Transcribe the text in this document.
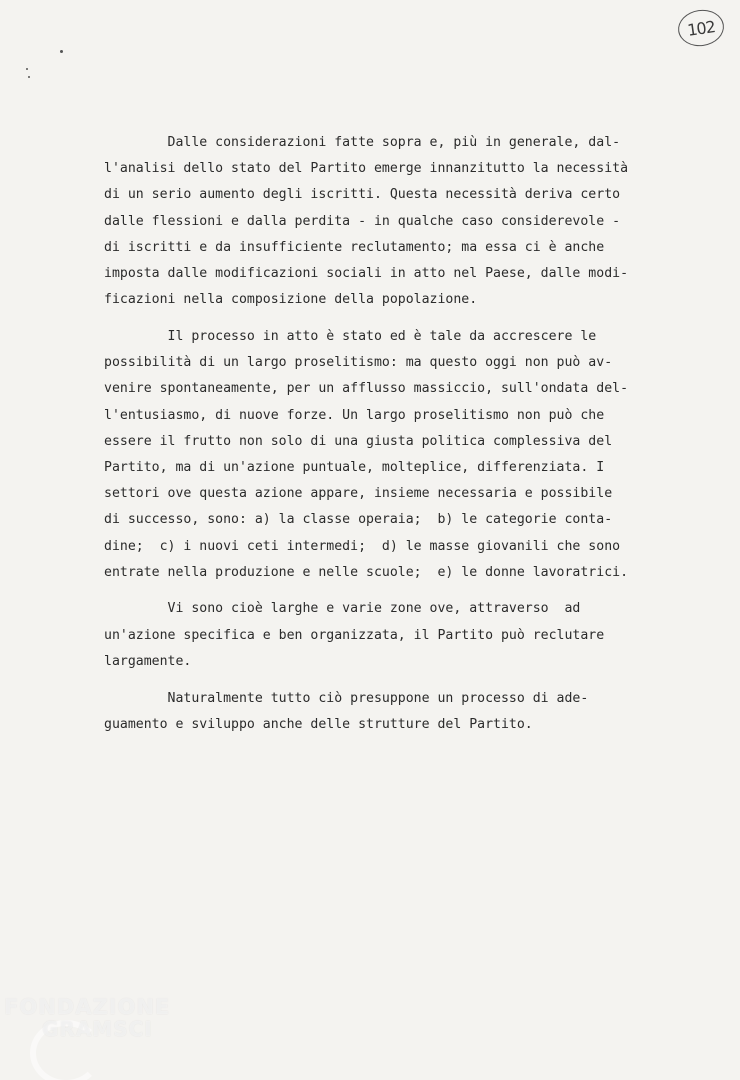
102
Dalle considerazioni fatte sopra e, più in generale, dal-
l'analisi dello stato del Partito emerge innanzitutto la necessità
di un serio aumento degli iscritti. Questa necessità deriva certo
dalle flessioni e dalla perdita - in qualche caso considerevole -
di iscritti e da insufficiente reclutamento; ma essa ci è anche
imposta dalle modificazioni sociali in atto nel Paese, dalle modi-
ficazioni nella composizione della popolazione.
Il processo in atto è stato ed è tale da accrescere le
possibilità di un largo proselitismo: ma questo oggi non può av-
venire spontaneamente, per un afflusso massiccio, sull'ondata del-
l'entusiasmo, di nuove forze. Un largo proselitismo non può che
essere il frutto non solo di una giusta politica complessiva del
Partito, ma di un'azione puntuale, molteplice, differenziata. I
settori ove questa azione appare, insieme necessaria e possibile
di successo, sono: a) la classe operaia;  b) le categorie conta-
dine;  c) i nuovi ceti intermedi;  d) le masse giovanili che sono
entrate nella produzione e nelle scuole;  e) le donne lavoratrici.
Vi sono cioè larghe e varie zone ove, attraverso  ad
un'azione specifica e ben organizzata, il Partito può reclutare
largamente.
Naturalmente tutto ciò presuppone un processo di ade-
guamento e sviluppo anche delle strutture del Partito.
FONDAZIONE
GRAMSCI
